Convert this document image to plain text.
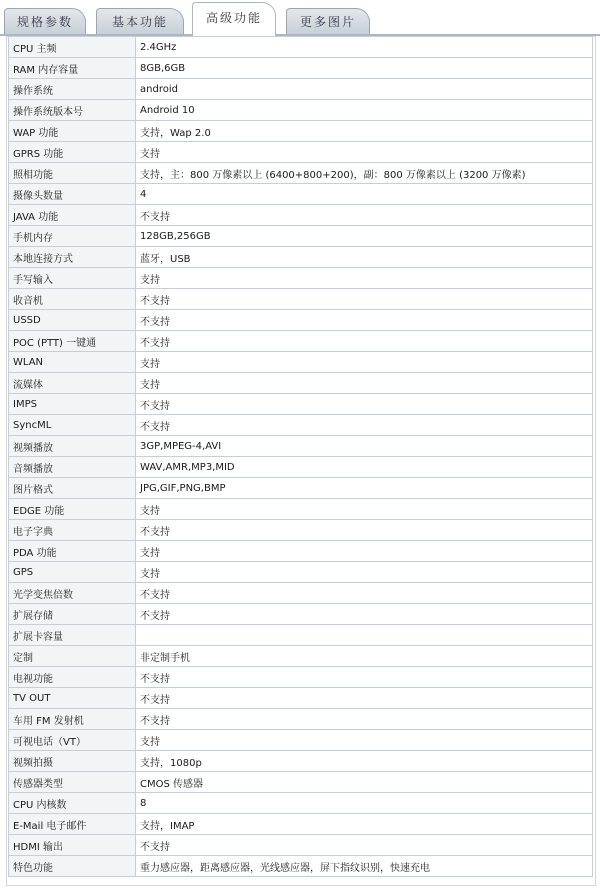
规格参数	基本功能	高级功能	更多图片
CPU 主频	2.4GHz
RAM 内存容量	8GB,6GB
操作系统	android
操作系统版本号	Android 10
WAP 功能	支持，Wap 2.0
GPRS 功能	支持
照相功能	支持，主：800 万像素以上 (6400+800+200)，副：800 万像素以上 (3200 万像素)
摄像头数量	4
JAVA 功能	不支持
手机内存	128GB,256GB
本地连接方式	蓝牙，USB
手写输入	支持
收音机	不支持
USSD	不支持
POC (PTT) 一键通	不支持
WLAN	支持
流媒体	支持
IMPS	不支持
SyncML	不支持
视频播放	3GP,MPEG-4,AVI
音频播放	WAV,AMR,MP3,MID
图片格式	JPG,GIF,PNG,BMP
EDGE 功能	支持
电子字典	不支持
PDA 功能	支持
GPS	支持
光学变焦倍数	不支持
扩展存储	不支持
扩展卡容量	
定制	非定制手机
电视功能	不支持
TV OUT	不支持
车用 FM 发射机	不支持
可视电话（VT）	支持
视频拍摄	支持，1080p
传感器类型	CMOS 传感器
CPU 内核数	8
E-Mail 电子邮件	支持，IMAP
HDMI 输出	不支持
特色功能	重力感应器，距离感应器，光线感应器，屏下指纹识别，快速充电
